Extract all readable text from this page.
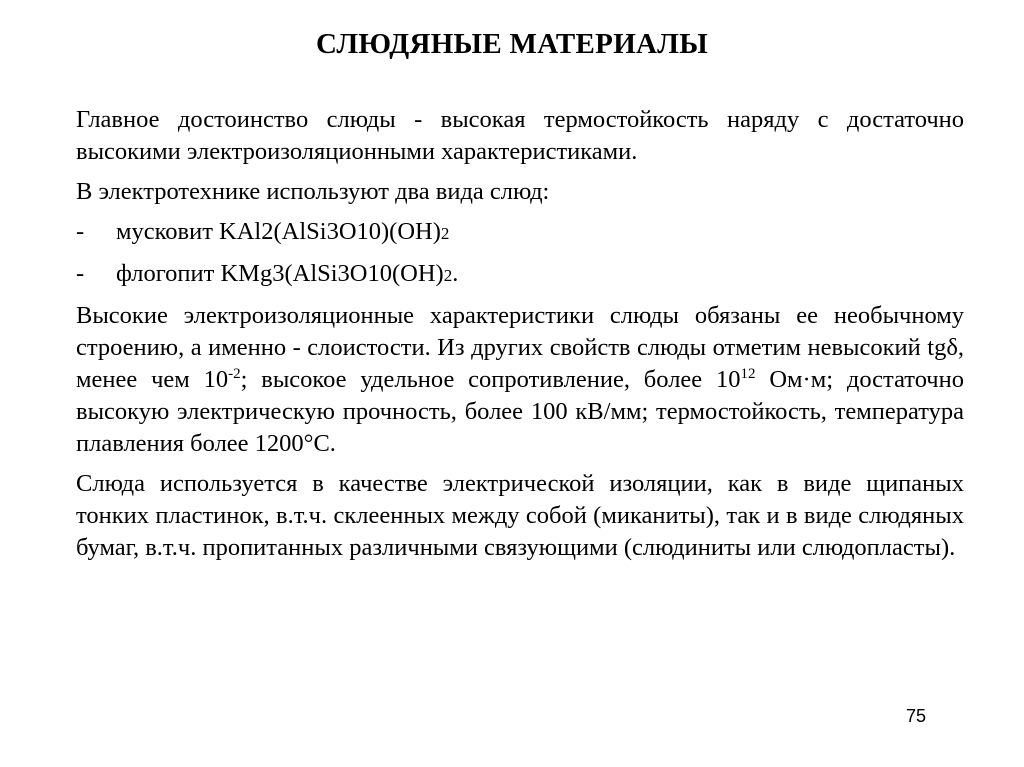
СЛЮДЯНЫЕ МАТЕРИАЛЫ

Главное достоинство слюды - высокая термостойкость наряду с достаточно высокими электроизоляционными характеристиками.

В электротехнике используют два вида слюд:

-	мусковит KAl2(AlSi3O10)(OH)2
-	флогопит KMg3(AlSi3O10(OH)2.

Высокие электроизоляционные характеристики слюды обязаны ее необычному строению, а именно - слоистости. Из других свойств слюды отметим невысокий tgδ, менее чем $10^{-2}$; высокое удельное сопротивление, более $10^{12}$ Ом·м; достаточно высокую электрическую прочность, более 100 кВ/мм; термостойкость, температура плавления более 1200°С.

Слюда используется в качестве электрической изоляции, как в виде щипаных тонких пластинок, в.т.ч. склеенных между собой (миканиты), так и в виде слюдяных бумаг, в.т.ч. пропитанных различными связующими (слюдиниты или слюдопласты).

75
